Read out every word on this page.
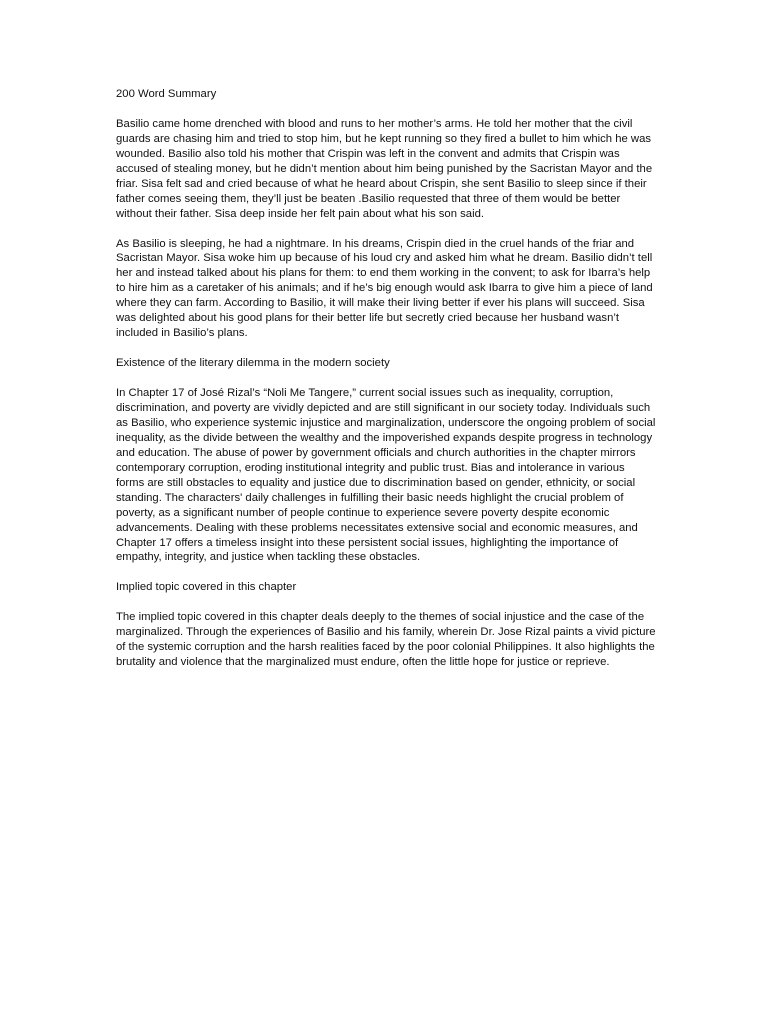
200 Word Summary

Basilio came home drenched with blood and runs to her mother’s arms. He told her mother that the civil guards are chasing him and tried to stop him, but he kept running so they fired a bullet to him which he was wounded. Basilio also told his mother that Crispin was left in the convent and admits that Crispin was accused of stealing money, but he didn’t mention about him being punished by the Sacristan Mayor and the friar. Sisa felt sad and cried because of what he heard about Crispin, she sent Basilio to sleep since if their father comes seeing them, they’ll just be beaten .Basilio requested that three of them would be better without their father. Sisa deep inside her felt pain about what his son said.

As Basilio is sleeping, he had a nightmare. In his dreams, Crispin died in the cruel hands of the friar and Sacristan Mayor. Sisa woke him up because of his loud cry and asked him what he dream. Basilio didn’t tell her and instead talked about his plans for them: to end them working in the convent; to ask for Ibarra’s help to hire him as a caretaker of his animals; and if he’s big enough would ask Ibarra to give him a piece of land where they can farm. According to Basilio, it will make their living better if ever his plans will succeed. Sisa was delighted about his good plans for their better life but secretly cried because her husband wasn’t included in Basilio’s plans.

Existence of the literary dilemma in the modern society

In Chapter 17 of José Rizal’s “Noli Me Tangere,” current social issues such as inequality, corruption, discrimination, and poverty are vividly depicted and are still significant in our society today. Individuals such as Basilio, who experience systemic injustice and marginalization, underscore the ongoing problem of social inequality, as the divide between the wealthy and the impoverished expands despite progress in technology and education. The abuse of power by government officials and church authorities in the chapter mirrors contemporary corruption, eroding institutional integrity and public trust. Bias and intolerance in various forms are still obstacles to equality and justice due to discrimination based on gender, ethnicity, or social standing. The characters' daily challenges in fulfilling their basic needs highlight the crucial problem of poverty, as a significant number of people continue to experience severe poverty despite economic advancements. Dealing with these problems necessitates extensive social and economic measures, and Chapter 17 offers a timeless insight into these persistent social issues, highlighting the importance of empathy, integrity, and justice when tackling these obstacles.

Implied topic covered in this chapter

The implied topic covered in this chapter deals deeply to the themes of social injustice and the case of the marginalized. Through the experiences of Basilio and his family, wherein Dr. Jose Rizal paints a vivid picture of the systemic corruption and the harsh realities faced by the poor colonial Philippines. It also highlights the brutality and violence that the marginalized must endure, often the little hope for justice or reprieve.
